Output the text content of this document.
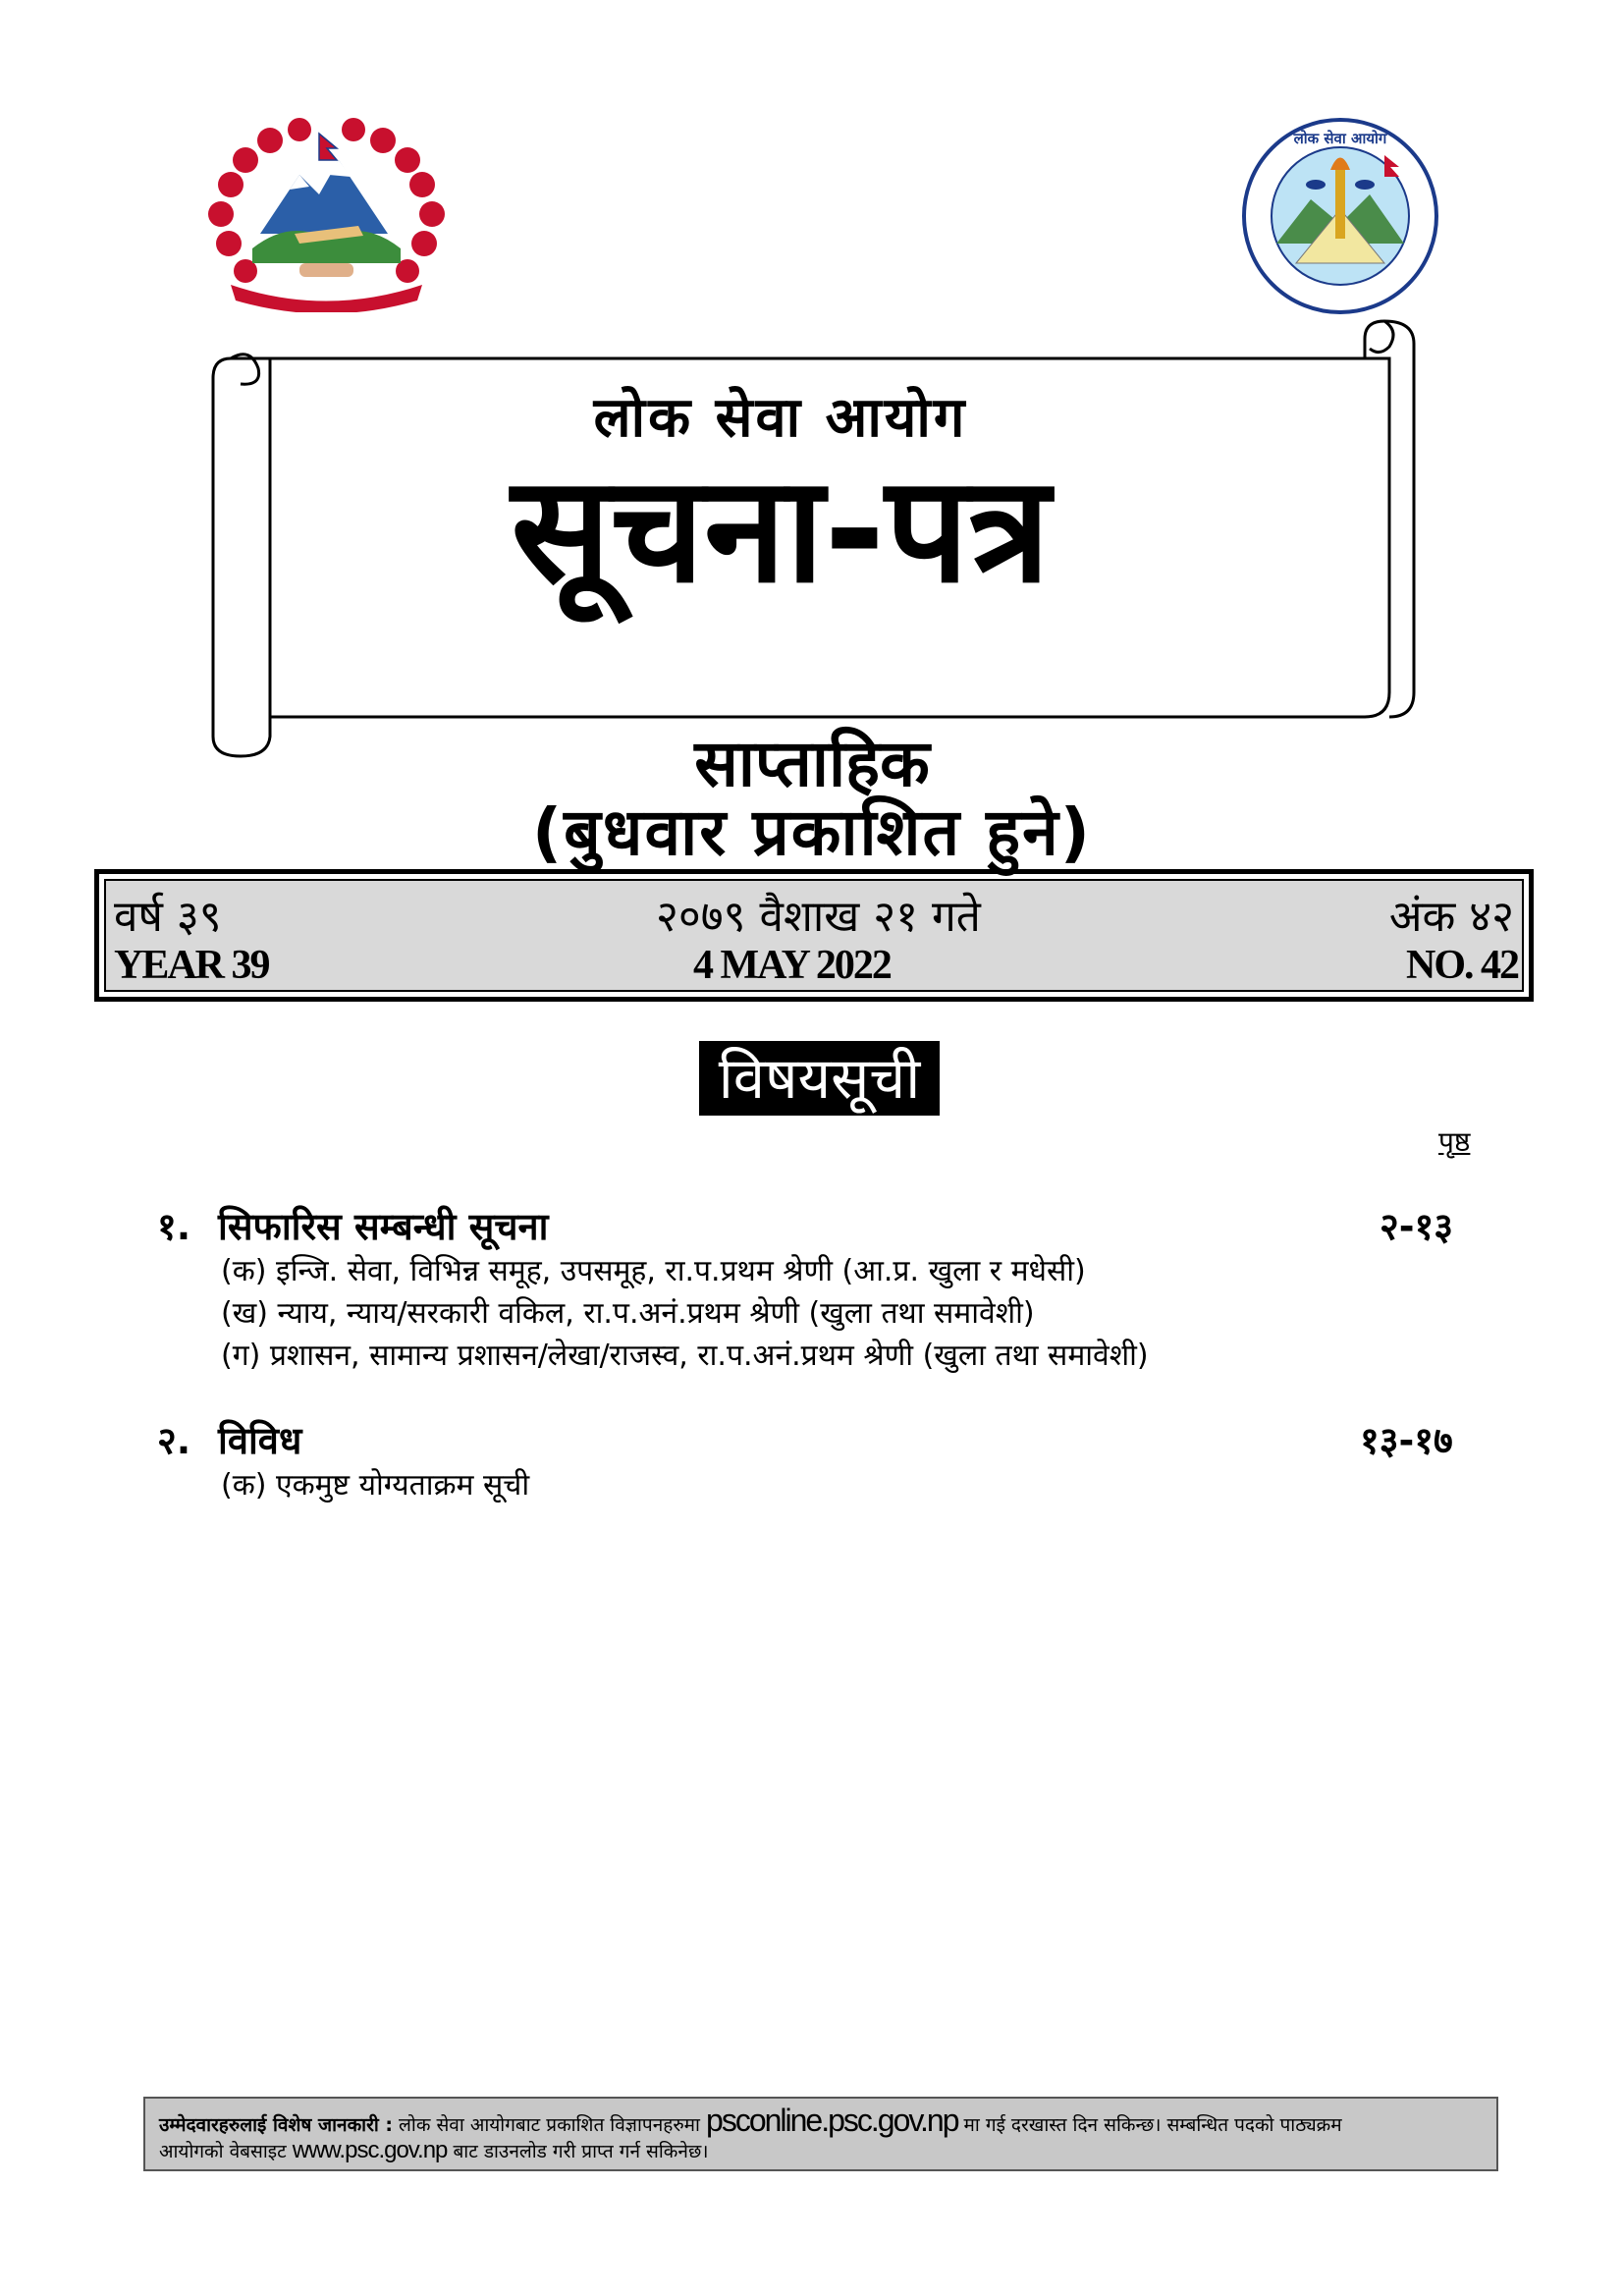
लोक सेवा आयोग
लोक सेवा आयोग
सूचना-पत्र
साप्ताहिक
(बुधवार प्रकाशित हुने)
वर्ष ३९	२०७९ वैशाख २१ गते	अंक ४२
YEAR 39	4 MAY 2022	NO. 42
विषयसूची
पृष्ठ
१. सिफारिस सम्बन्धी सूचना	२-१३
(क) इन्जि. सेवा, विभिन्न समूह, उपसमूह, रा.प.प्रथम श्रेणी (आ.प्र. खुला र मधेसी)
(ख) न्याय, न्याय/सरकारी वकिल, रा.प.अनं.प्रथम श्रेणी (खुला तथा समावेशी)
(ग) प्रशासन, सामान्य प्रशासन/लेखा/राजस्व, रा.प.अनं.प्रथम श्रेणी (खुला तथा समावेशी)
२. विविध	१३-१७
(क) एकमुष्ट योग्यताक्रम सूची
उम्मेदवारहरुलाई विशेष जानकारी : लोक सेवा आयोगबाट प्रकाशित विज्ञापनहरुमा psconline.psc.gov.np मा गई दरखास्त दिन सकिन्छ। सम्बन्धित पदको पाठ्यक्रम
आयोगको वेबसाइट www.psc.gov.np बाट डाउनलोड गरी प्राप्त गर्न सकिनेछ।
